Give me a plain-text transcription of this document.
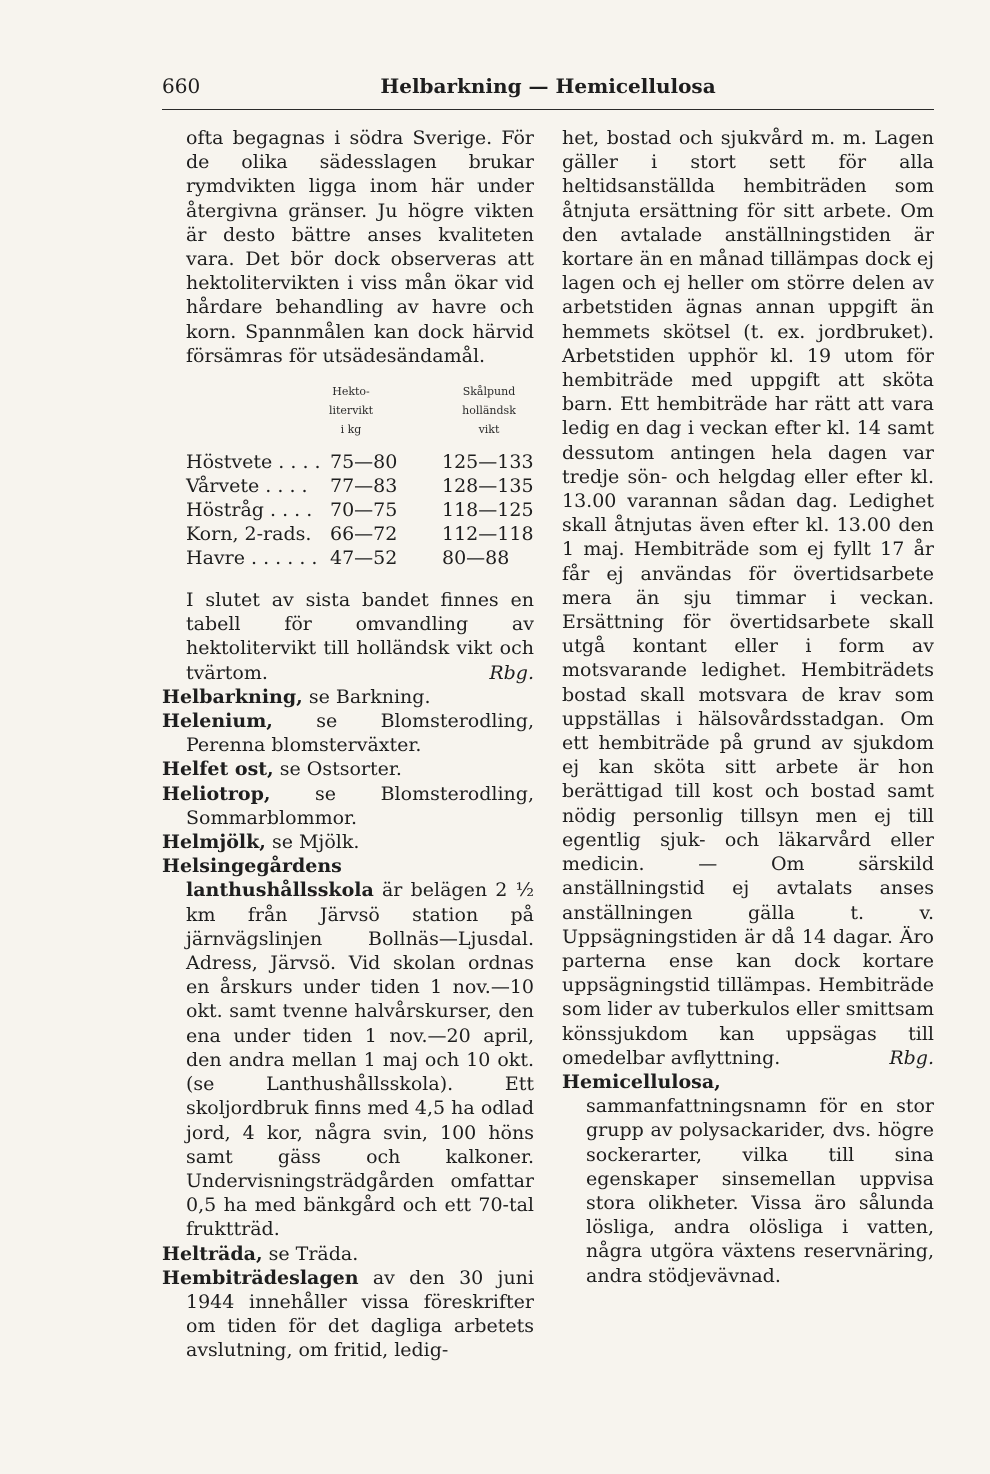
660	Helbarkning — Hemicellulosa

ofta begagnas i södra Sverige. För de olika sädesslagen brukar rymdvikten ligga inom här under återgivna gränser. Ju högre vikten är desto bättre anses kvaliteten vara. Det bör dock observeras att hektolitervikten i viss mån ökar vid hårdare behandling av havre och korn. Spannmålen kan dock härvid försämras för utsädesändamål.

Hekto-
litervikt
i kg
Skålpund
holländsk
vikt
Höstvete . . . . 75—80 125—133
Vårvete . . . . 77—83 128—135
Höstråg . . . . 70—75 118—125
Korn, 2-rads. 66—72 112—118
Havre . . . . . . 47—52 80—88

I slutet av sista bandet finnes en tabell för omvandling av hektolitervikt till holländsk vikt och tvärtom.	Rbg.

Helbarkning, se Barkning.

Helenium, se Blomsterodling, Perenna blomsterväxter.

Helfet ost, se Ostsorter.

Heliotrop, se Blomsterodling, Sommarblommor.

Helmjölk, se Mjölk.

Helsingegårdens lanthushållsskola är belägen 2 ½ km från Järvsö station på järnvägslinjen Bollnäs—Ljusdal. Adress, Järvsö. Vid skolan ordnas en årskurs under tiden 1 nov.—10 okt. samt tvenne halvårskurser, den ena under tiden 1 nov.—20 april, den andra mellan 1 maj och 10 okt. (se Lanthushållsskola). Ett skoljordbruk finns med 4,5 ha odlad jord, 4 kor, några svin, 100 höns samt gäss och kalkoner. Undervisningsträdgården omfattar 0,5 ha med bänkgård och ett 70-tal fruktträd.

Helträda, se Träda.

Hembiträdeslagen av den 30 juni 1944 innehåller vissa föreskrifter om tiden för det dagliga arbetets avslutning, om fritid, ledig-

het, bostad och sjukvård m. m. Lagen gäller i stort sett för alla heltidsanställda hembiträden som åtnjuta ersättning för sitt arbete. Om den avtalade anställningstiden är kortare än en månad tillämpas dock ej lagen och ej heller om större delen av arbetstiden ägnas annan uppgift än hemmets skötsel (t. ex. jordbruket). Arbetstiden upphör kl. 19 utom för hembiträde med uppgift att sköta barn. Ett hembiträde har rätt att vara ledig en dag i veckan efter kl. 14 samt dessutom antingen hela dagen var tredje sön- och helgdag eller efter kl. 13.00 varannan sådan dag. Ledighet skall åtnjutas även efter kl. 13.00 den 1 maj. Hembiträde som ej fyllt 17 år får ej användas för övertidsarbete mera än sju timmar i veckan. Ersättning för övertidsarbete skall utgå kontant eller i form av motsvarande ledighet. Hembiträdets bostad skall motsvara de krav som uppställas i hälsovårdsstadgan. Om ett hembiträde på grund av sjukdom ej kan sköta sitt arbete är hon berättigad till kost och bostad samt nödig personlig tillsyn men ej till egentlig sjuk- och läkarvård eller medicin. — Om särskild anställningstid ej avtalats anses anställningen gälla t. v. Uppsägningstiden är då 14 dagar. Äro parterna ense kan dock kortare uppsägningstid tillämpas. Hembiträde som lider av tuberkulos eller smittsam könssjukdom kan uppsägas till omedelbar avflyttning.	Rbg.

Hemicellulosa, sammanfattningsnamn för en stor grupp av polysackarider, dvs. högre sockerarter, vilka till sina egenskaper sinsemellan uppvisa stora olikheter. Vissa äro sålunda lösliga, andra olösliga i vatten, några utgöra växtens reservnäring, andra stödjevävnad.
